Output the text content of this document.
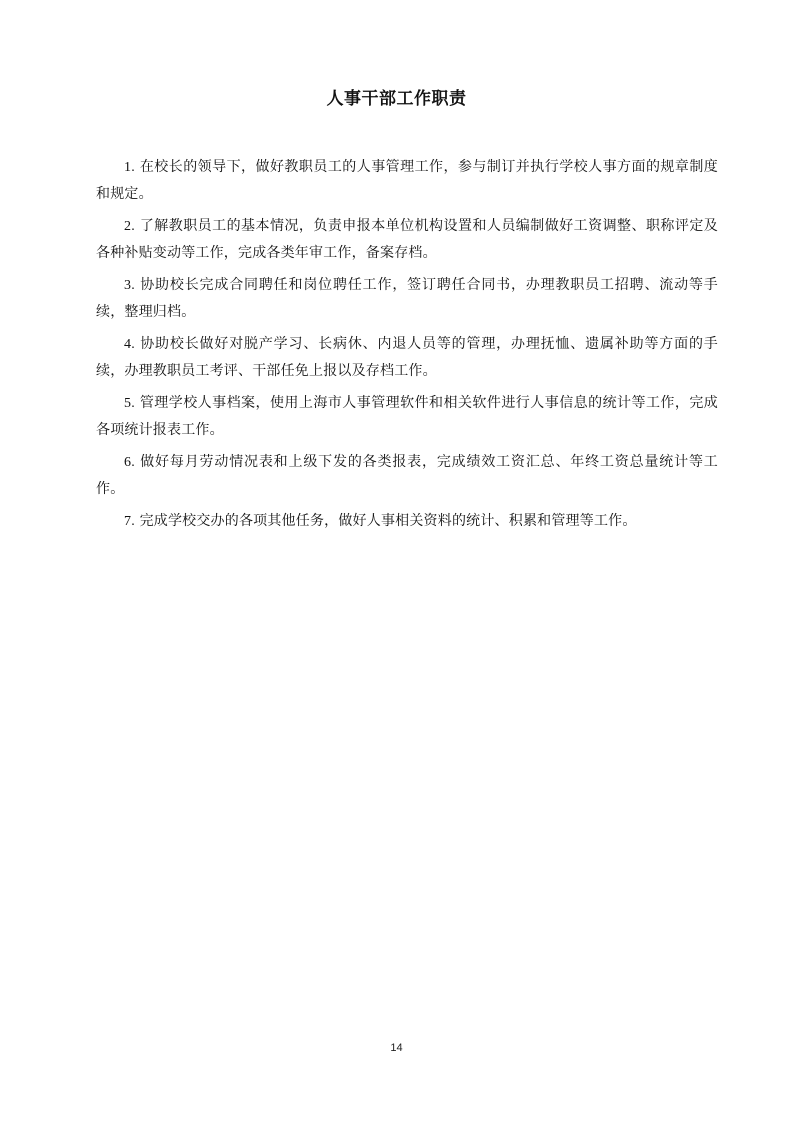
人事干部工作职责
1. 在校长的领导下，做好教职员工的人事管理工作，参与制订并执行学校人事方面的规章制度和规定。
2. 了解教职员工的基本情况，负责申报本单位机构设置和人员编制做好工资调整、职称评定及各种补贴变动等工作，完成各类年审工作，备案存档。
3. 协助校长完成合同聘任和岗位聘任工作，签订聘任合同书，办理教职员工招聘、流动等手续，整理归档。
4. 协助校长做好对脱产学习、长病休、内退人员等的管理，办理抚恤、遗属补助等方面的手续，办理教职员工考评、干部任免上报以及存档工作。
5. 管理学校人事档案，使用上海市人事管理软件和相关软件进行人事信息的统计等工作，完成各项统计报表工作。
6. 做好每月劳动情况表和上级下发的各类报表，完成绩效工资汇总、年终工资总量统计等工作。
7. 完成学校交办的各项其他任务，做好人事相关资料的统计、积累和管理等工作。
14
